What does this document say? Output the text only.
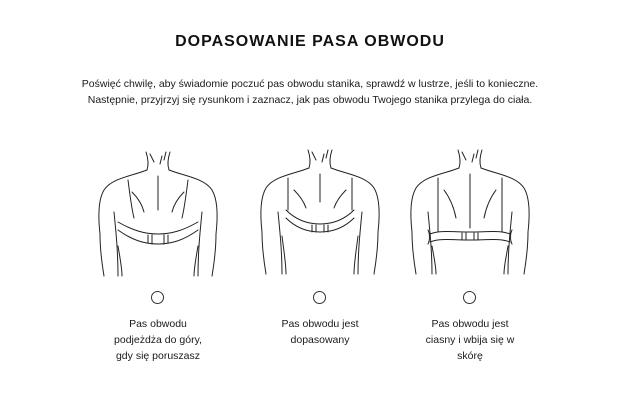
DOPASOWANIE PASA OBWODU
Poświęć chwilę, aby świadomie poczuć pas obwodu stanika, sprawdź w lustrze, jeśli to konieczne.
Następnie, przyjrzyj się rysunkom i zaznacz, jak pas obwodu Twojego stanika przylega do ciała.
Pas obwodu
podjeżdża do góry,
gdy się poruszasz
Pas obwodu jest
dopasowany
Pas obwodu jest
ciasny i wbija się w
skórę
